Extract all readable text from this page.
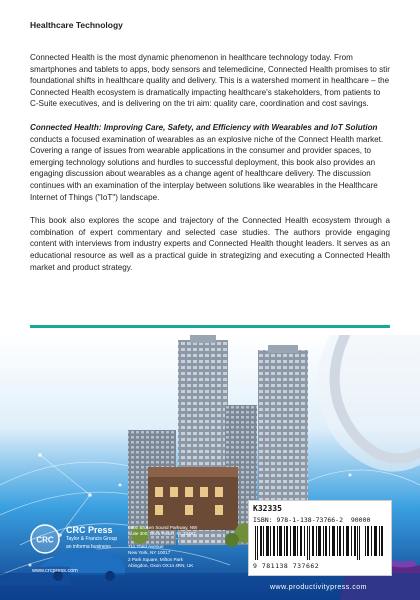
Healthcare Technology

Connected Health is the most dynamic phenomenon in healthcare technology today. From smartphones and tablets to apps, body sensors and telemedicine, Connected Health promises to stir foundational shifts in healthcare quality and delivery. This is a watershed moment in healthcare – the Connected Health ecosystem is dramatically impacting healthcare's stakeholders, from patients to C-Suite executives, and is delivering on the tri aim: quality care, coordination and cost savings.

Connected Health: Improving Care, Safety, and Efficiency with Wearables and IoT Solution conducts a focused examination of wearables as an explosive niche of the Connect Health market. Covering a range of issues from wearable applications in the consumer and provider spaces, to emerging technology solutions and hurdles to successful deployment, this book also provides an engaging discussion about wearables as a change agent of healthcare delivery. The discussion continues with an examination of the interplay between solutions like wearables in the Healthcare Internet of Things ("IoT") landscape.

This book also explores the scope and trajectory of the Connected Health ecosystem through a combination of expert commentary and selected case studies. The authors provide engaging content with interviews from industry experts and Connected Health thought leaders. It serves as an educational resource as well as a practical guide in strategizing and executing a Connected Health market and product strategy.

CRC
CRC Press
Taylor & Francis Group
an informa business
www.crcpress.com
6000 Broken Sound Parkway, NW
Suite 300, Boca Raton, FL 33487
711 Third Avenue
New York, NY 10017
2 Park Square, Milton Park
Abingdon, Oxon OX14 4RN, UK
K32335
ISBN: 978-1-138-73766-2 90000
9 781138 737662
www.productivitypress.com
